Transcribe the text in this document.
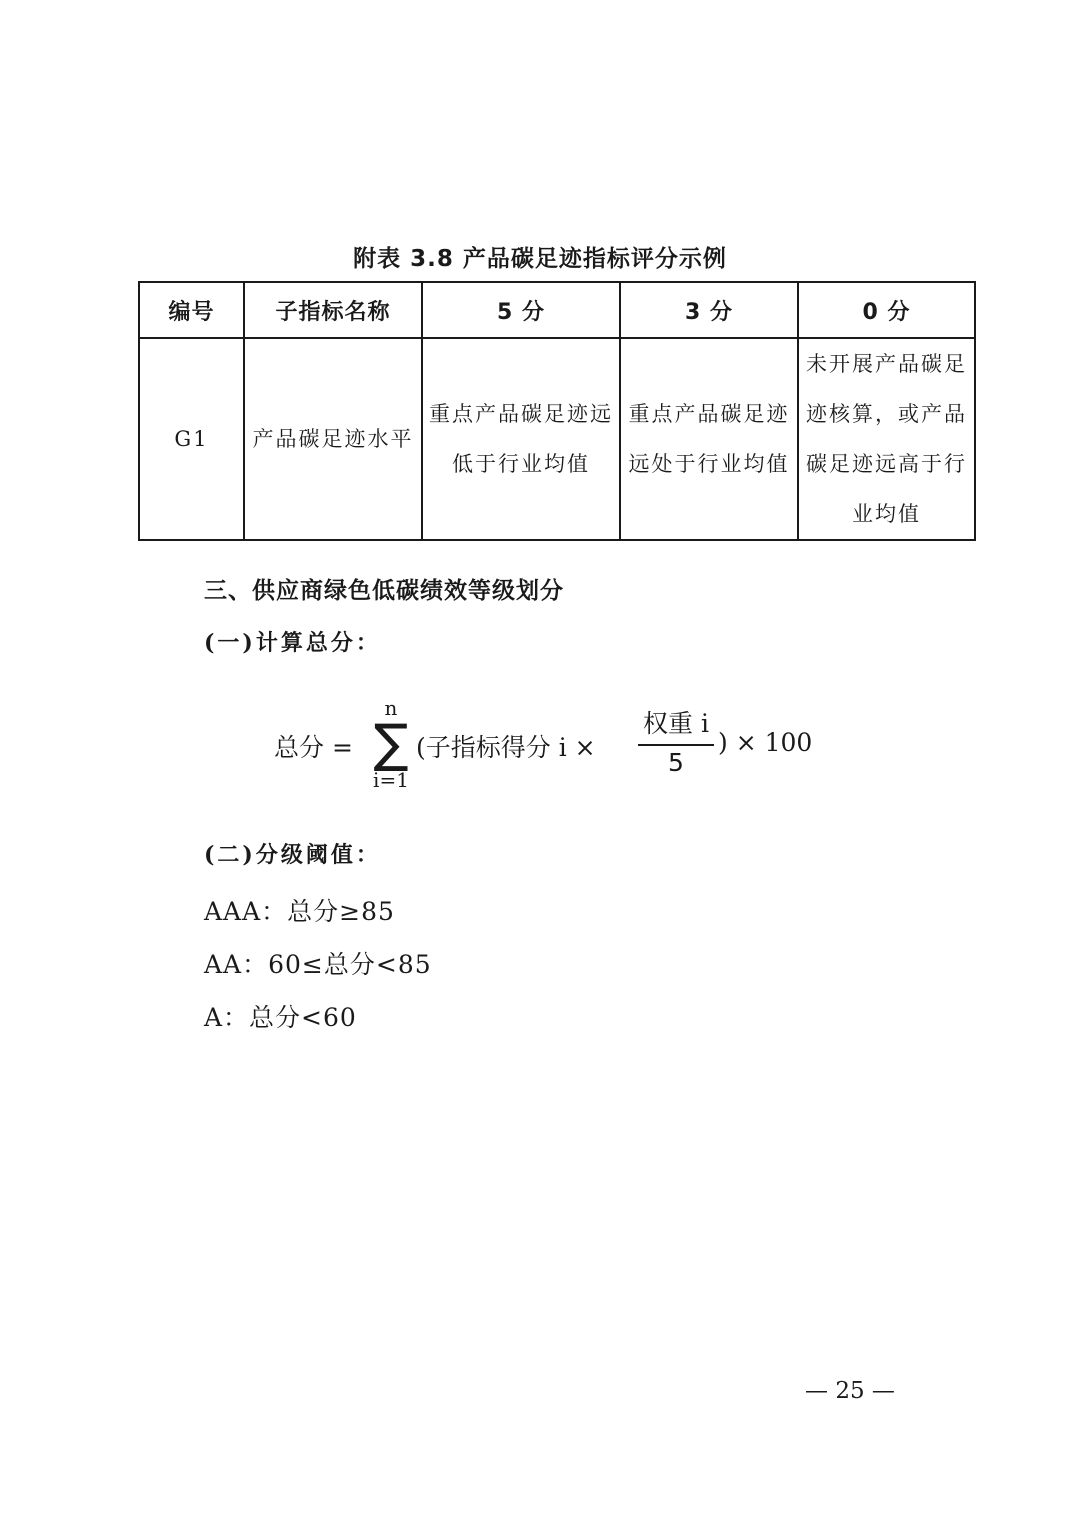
附表 3.8 产品碳足迹指标评分示例
编号	子指标名称	5 分	3 分	0 分
G1	产品碳足迹水平	重点产品碳足迹远低于行业均值	重点产品碳足迹远处于行业均值	未开展产品碳足迹核算，或产品碳足迹远高于行业均值
三、供应商绿色低碳绩效等级划分
(一)计算总分：
总分 =
n
∑
i=1
(子指标得分 i ×
权重 i
5
) × 100
(二)分级阈值：
AAA：总分≥85
AA：60≤总分<85
A：总分<60
— 25 —
